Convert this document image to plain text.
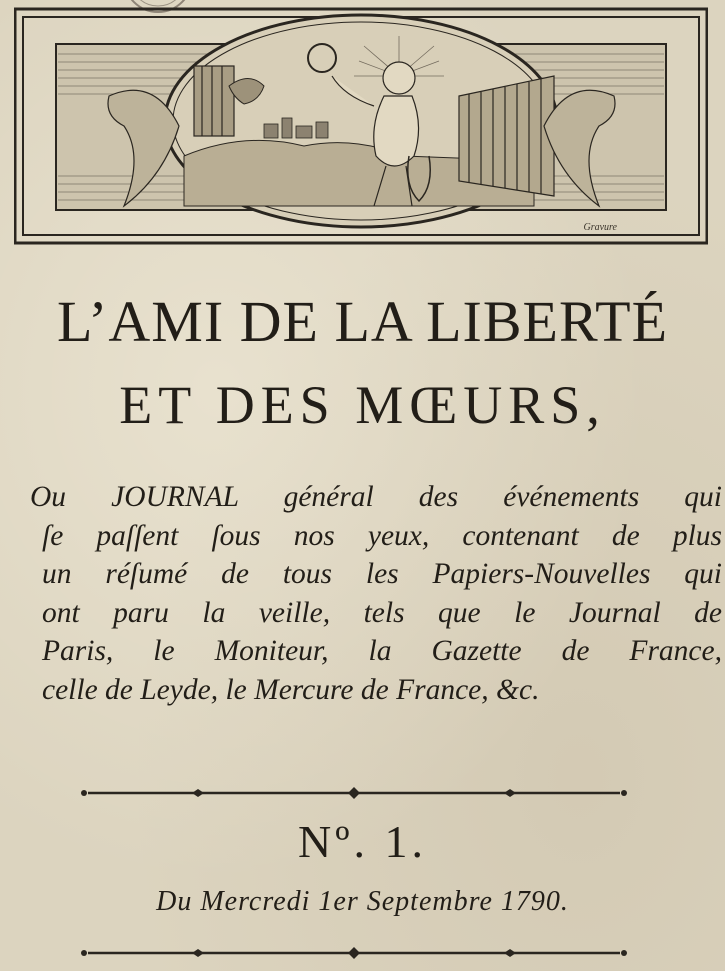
Gravure
L’AMI DE LA LIBERTÉ
ET DES MŒURS,
Ou JOURNAL général des événements qui
ſe paſſent ſous nos yeux, contenant de plus
un réſumé de tous les Papiers-Nouvelles qui
ont paru la veille, tels que le Journal de
Paris, le Moniteur, la Gazette de France,
celle de Leyde, le Mercure de France, &c.
Nº. 1.
Du Mercredi 1er Septembre 1790.
